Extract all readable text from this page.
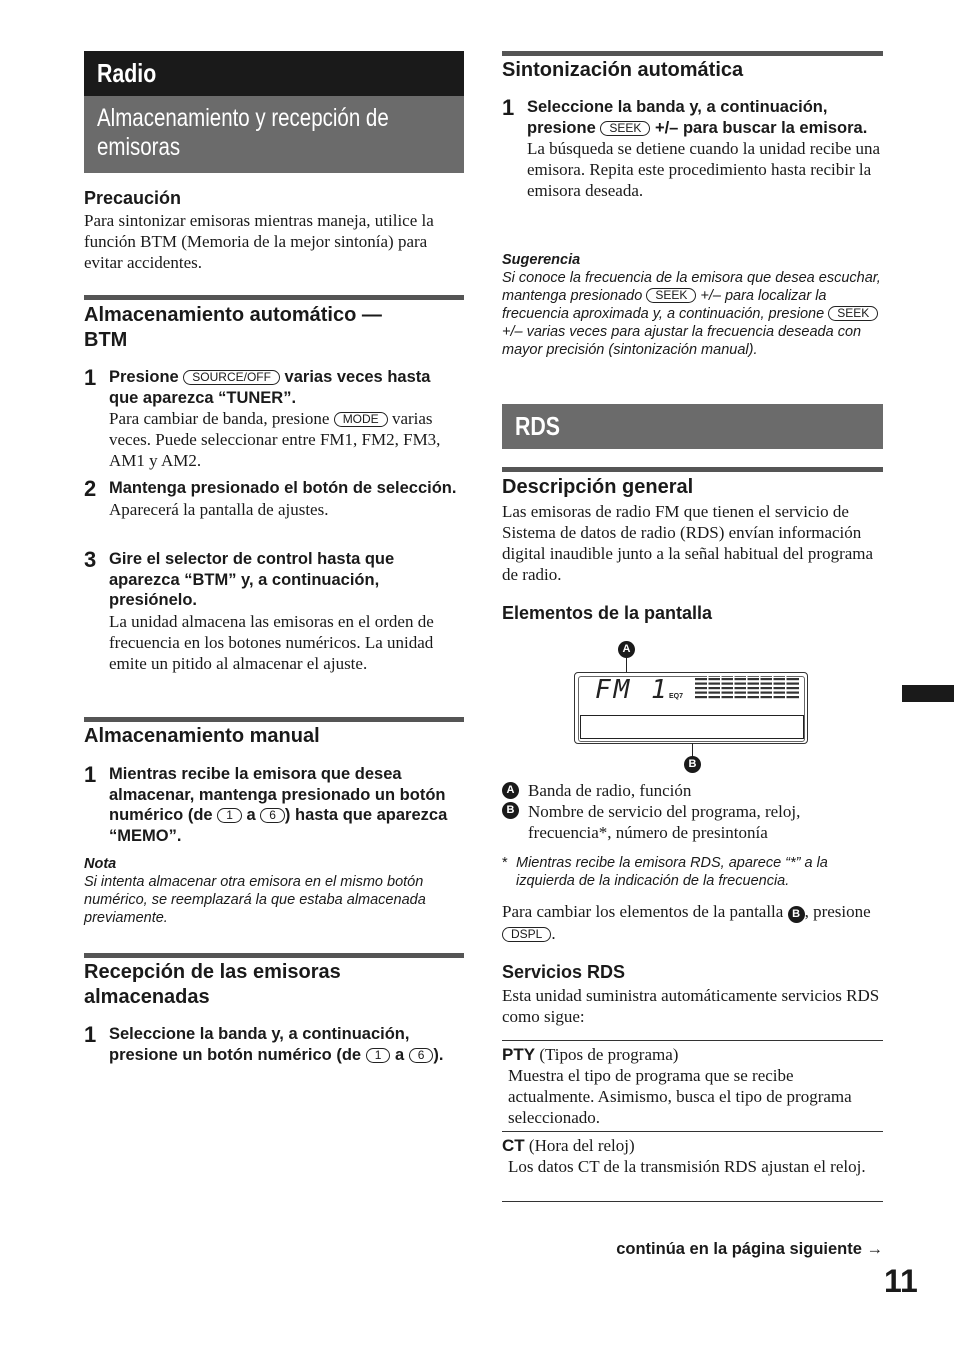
Radio
Almacenamiento y recepción de emisoras
Precaución

Para sintonizar emisoras mientras maneja, utilice la función BTM (Memoria de la mejor sintonía) para evitar accidentes.

Almacenamiento automático — BTM
1 Presione SOURCE/OFF varias veces hasta que aparezca “TUNER”.
Para cambiar de banda, presione MODE varias veces. Puede seleccionar entre FM1, FM2, FM3, AM1 y AM2.
2 Mantenga presionado el botón de selección.
Aparecerá la pantalla de ajustes.
3 Gire el selector de control hasta que aparezca “BTM” y, a continuación, presiónelo.
La unidad almacena las emisoras en el orden de frecuencia en los botones numéricos. La unidad emite un pitido al almacenar el ajuste.
Almacenamiento manual
1 Mientras recibe la emisora que desea almacenar, mantenga presionado un botón numérico (de 1 a 6 ) hasta que aparezca “MEMO”.
Nota
Si intenta almacenar otra emisora en el mismo botón numérico, se reemplazará la que estaba almacenada previamente.
Recepción de las emisoras almacenadas
1 Seleccione la banda y, a continuación, presione un botón numérico (de 1 a 6 ).
Sintonización automática
1 Seleccione la banda y, a continuación, presione SEEK +/– para buscar la emisora.
La búsqueda se detiene cuando la unidad recibe una emisora. Repita este procedimiento hasta recibir la emisora deseada.
Sugerencia
Si conoce la frecuencia de la emisora que desea escuchar, mantenga presionado SEEK +/– para localizar la frecuencia aproximada y, a continuación, presione SEEK +/– varias veces para ajustar la frecuencia deseada con mayor precisión (sintonización manual).
RDS
Descripción general

Las emisoras de radio FM que tienen el servicio de Sistema de datos de radio (RDS) envían información digital inaudible junto a la señal habitual del programa de radio.

Elementos de la pantalla
A
FM 1 EQ7
B
A Banda de radio, función
B Nombre de servicio del programa, reloj, frecuencia*, número de presintonía
* Mientras recibe la emisora RDS, aparece “*” a la izquierda de la indicación de la frecuencia.

Para cambiar los elementos de la pantalla B , presione DSPL .

Servicios RDS

Esta unidad suministra automáticamente servicios RDS como sigue:

PTY (Tipos de programa)
Muestra el tipo de programa que se recibe actualmente. Asimismo, busca el tipo de programa seleccionado.
CT (Hora del reloj)
Los datos CT de la transmisión RDS ajustan el reloj.
continúa en la página siguiente →
11
